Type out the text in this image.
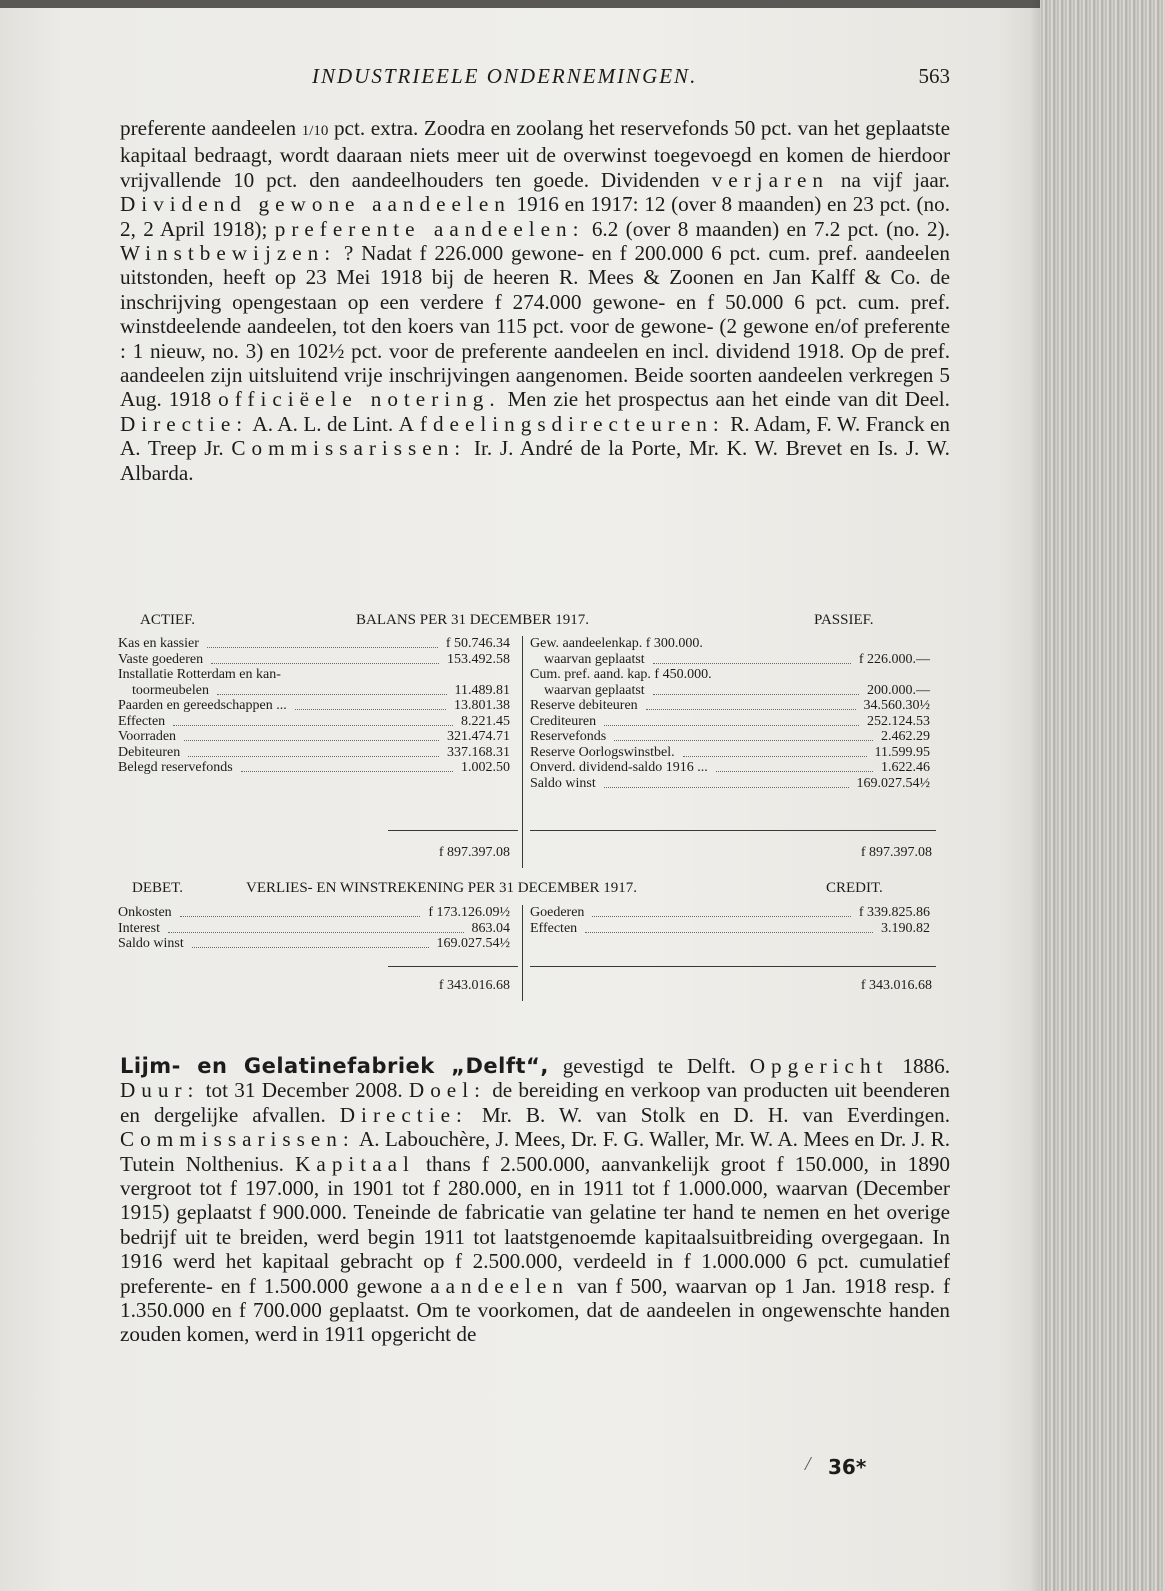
INDUSTRIEELE ONDERNEMINGEN.	563
preferente aandeelen 1/10 pct. extra. Zoodra en zoolang het reservefonds 50 pct. van het geplaatste kapitaal bedraagt, wordt daaraan niets meer uit de overwinst toegevoegd en komen de hierdoor vrijvallende 10 pct. den aandeelhouders ten goede. Dividenden verjaren na vijf jaar. Dividend gewone aandeelen 1916 en 1917: 12 (over 8 maanden) en 23 pct. (no. 2, 2 April 1918); preferente aandeelen: 6.2 (over 8 maanden) en 7.2 pct. (no. 2). Winstbewijzen: ? Nadat f 226.000 gewone- en f 200.000 6 pct. cum. pref. aandeelen uitstonden, heeft op 23 Mei 1918 bij de heeren R. Mees & Zoonen en Jan Kalff & Co. de inschrijving opengestaan op een verdere f 274.000 gewone- en f 50.000 6 pct. cum. pref. winstdeelende aandeelen, tot den koers van 115 pct. voor de gewone- (2 gewone en/of preferente : 1 nieuw, no. 3) en 102½ pct. voor de preferente aandeelen en incl. dividend 1918. Op de pref. aandeelen zijn uitsluitend vrije inschrijvingen aangenomen. Beide soorten aandeelen verkregen 5 Aug. 1918 officiëele notering. Men zie het prospectus aan het einde van dit Deel. Directie: A. A. L. de Lint. Afdeelingsdirecteuren: R. Adam, F. W. Franck en A. Treep Jr. Commissarissen: Ir. J. André de la Porte, Mr. K. W. Brevet en Is. J. W. Albarda.
ACTIEF.	BALANS PER 31 DECEMBER 1917.	PASSIEF.
Kas en kassier	f 50.746.34
Vaste goederen	153.492.58
Installatie Rotterdam en kan-
toormeubelen	11.489.81
Paarden en gereedschappen ...	13.801.38
Effecten	8.221.45
Voorraden	321.474.71
Debiteuren	337.168.31
Belegd reservefonds	1.002.50
Gew. aandeelenkap. f 300.000.
waarvan geplaatst	f 226.000.—
Cum. pref. aand. kap. f 450.000.
waarvan geplaatst	200.000.—
Reserve debiteuren	34.560.30½
Crediteuren	252.124.53
Reservefonds	2.462.29
Reserve Oorlogswinstbel.	11.599.95
Onverd. dividend-saldo 1916 ...	1.622.46
Saldo winst	169.027.54½
f 897.397.08	f 897.397.08
DEBET.	VERLIES- EN WINSTREKENING PER 31 DECEMBER 1917.	CREDIT.
Onkosten	f 173.126.09½
Interest	863.04
Saldo winst	169.027.54½
Goederen	f 339.825.86
Effecten	3.190.82
f 343.016.68	f 343.016.68
Lijm- en Gelatinefabriek „Delft“, gevestigd te Delft. Opgericht 1886. Duur: tot 31 December 2008. Doel: de bereiding en verkoop van producten uit beenderen en dergelijke afvallen. Directie: Mr. B. W. van Stolk en D. H. van Everdingen. Commissarissen: A. Labouchère, J. Mees, Dr. F. G. Waller, Mr. W. A. Mees en Dr. J. R. Tutein Nolthenius. Kapitaal thans f 2.500.000, aanvankelijk groot f 150.000, in 1890 vergroot tot f 197.000, in 1901 tot f 280.000, en in 1911 tot f 1.000.000, waarvan (December 1915) geplaatst f 900.000. Teneinde de fabricatie van gelatine ter hand te nemen en het overige bedrijf uit te breiden, werd begin 1911 tot laatstgenoemde kapitaalsuitbreiding overgegaan. In 1916 werd het kapitaal gebracht op f 2.500.000, verdeeld in f 1.000.000 6 pct. cumulatief preferente- en f 1.500.000 gewone aandeelen van f 500, waarvan op 1 Jan. 1918 resp. f 1.350.000 en f 700.000 geplaatst. Om te voorkomen, dat de aandeelen in ongewenschte handen zouden komen, werd in 1911 opgericht de
/ 36*
